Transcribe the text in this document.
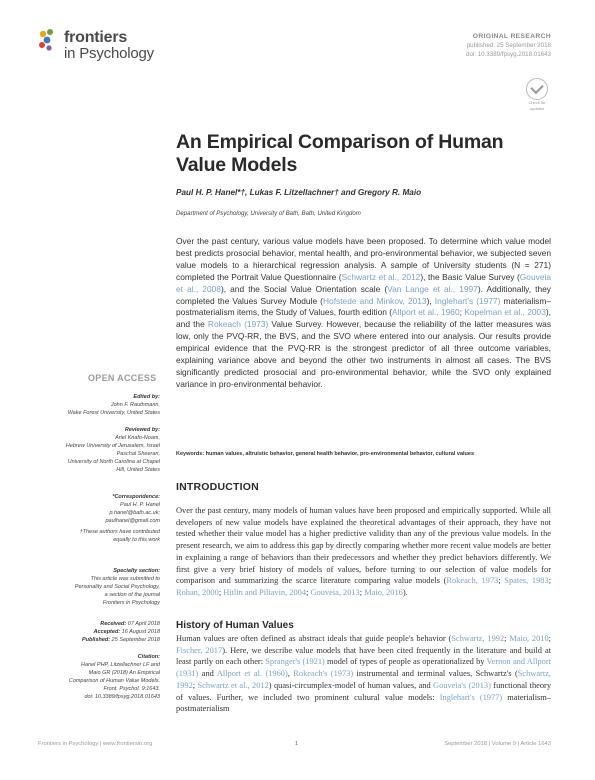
frontiers
in Psychology
ORIGINAL RESEARCH
published: 25 September 2018
doi: 10.3389/fpsyg.2018.01643
Check for
updates
An Empirical Comparison of Human Value Models
Paul H. P. Hanel*†, Lukas F. Litzellachner† and Gregory R. Maio
Department of Psychology, University of Bath, Bath, United Kingdom

Over the past century, various value models have been proposed. To determine which value model best predicts prosocial behavior, mental health, and pro-environmental behavior, we subjected seven value models to a hierarchical regression analysis. A sample of University students (N = 271) completed the Portrait Value Questionnaire (Schwartz et al., 2012), the Basic Value Survey (Gouveia et al., 2008), and the Social Value Orientation scale (Van Lange et al., 1997). Additionally, they completed the Values Survey Module (Hofstede and Minkov, 2013), Inglehart's (1977) materialism–postmaterialism items, the Study of Values, fourth edition (Allport et al., 1960; Kopelman et al., 2003), and the Rokeach (1973) Value Survey. However, because the reliability of the latter measures was low, only the PVQ-RR, the BVS, and the SVO where entered into our analysis. Our results provide empirical evidence that the PVQ-RR is the strongest predictor of all three outcome variables, explaining variance above and beyond the other two instruments in almost all cases. The BVS significantly predicted prosocial and pro-environmental behavior, while the SVO only explained variance in pro-environmental behavior.

Keywords: human values, altruistic behavior, general health behavior, pro-environmental behavior, cultural values
INTRODUCTION

Over the past century, many models of human values have been proposed and empirically supported. While all developers of new value models have explained the theoretical advantages of their approach, they have not tested whether their value model has a higher predictive validity than any of the previous value models. In the present research, we aim to address this gap by directly comparing whether more recent value models are better in explaining a range of behaviors than their predecessors and whether they predict behaviors differently. We first give a very brief history of models of values, before turning to our selection of value models for comparison and summarizing the scarce literature comparing value models (Rokeach, 1973; Spates, 1983; Rohan, 2000; Hitlin and Piliavin, 2004; Gouveia, 2013; Maio, 2016).

History of Human Values

Human values are often defined as abstract ideals that guide people's behavior (Schwartz, 1992; Maio, 2010; Fischer, 2017). Here, we describe value models that have been cited frequently in the literature and build at least partly on each other: Spranger's (1921) model of types of people as operationalized by Vernon and Allport (1931) and Allport et al. (1960), Rokeach's (1973) instrumental and terminal values, Schwartz's (Schwartz, 1992; Schwartz et al., 2012) quasi-circumplex-model of human values, and Gouveia's (2013) functional theory of values. Further, we included two prominent cultural value models: Inglehart's (1977) materialism–postmaterialism

OPEN ACCESS
Edited by:
John F. Rauthmann,
Wake Forest University, United States
Reviewed by:
Ariel Knafo-Noam,
Hebrew University of Jerusalem, Israel
Paschal Sheeran,
University of North Carolina at Chapel
Hill, United States
*Correspondence:
Paul H. P. Hanel
p.hanel@bath.ac.uk;
paulhanel@gmail.com
†These authors have contributed
equally to this work
Specialty section:
This article was submitted to
Personality and Social Psychology,
a section of the journal
Frontiers in Psychology
Received: 07 April 2018
Accepted: 16 August 2018
Published: 25 September 2018
Citation:
Hanel PHP, Litzellachner LF and
Maio GR (2018) An Empirical
Comparison of Human Value Models.
Front. Psychol. 9:1643.
doi: 10.3389/fpsyg.2018.01643
Frontiers in Psychology | www.frontiersin.org	1	September 2018 | Volume 9 | Article 1643
